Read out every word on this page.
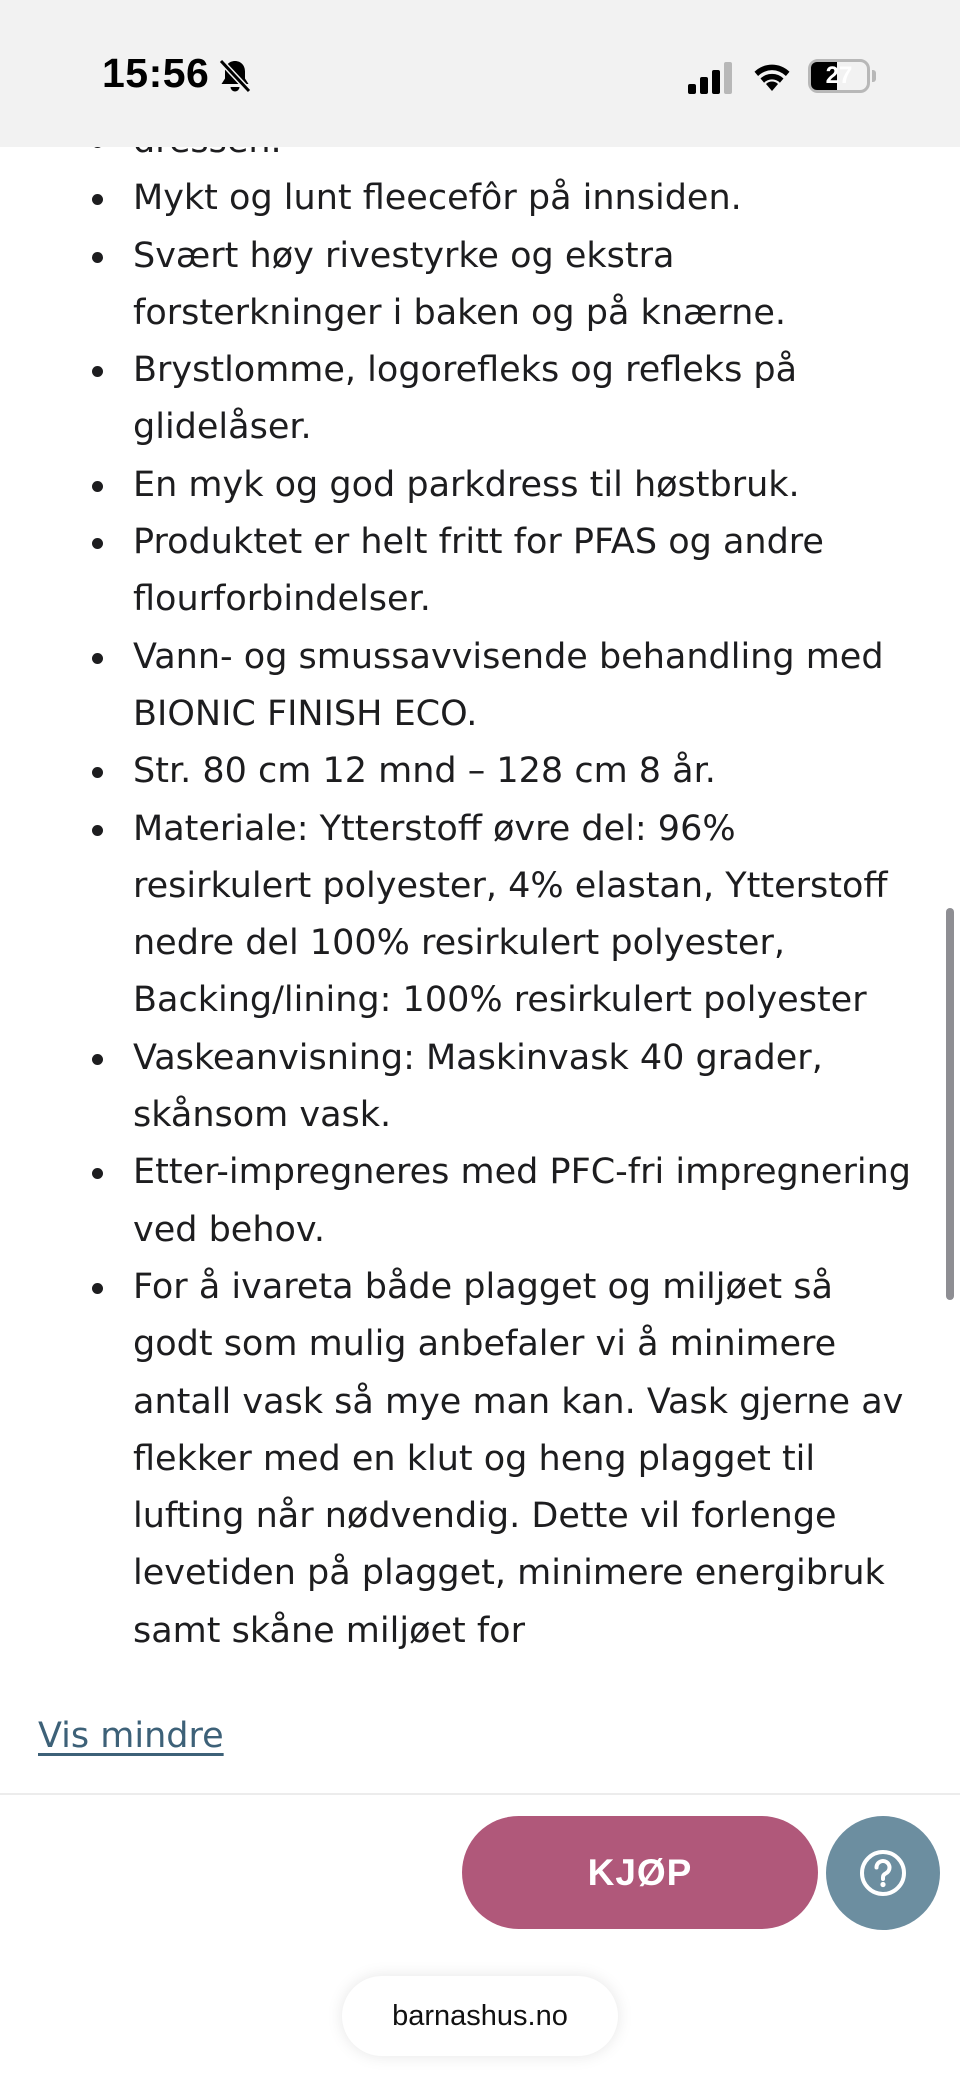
15:56	27
Mykt og lunt fleecefôr på innsiden.
Svært høy rivestyrke og ekstra forsterkninger i baken og på knærne.
Brystlomme, logorefleks og refleks på glidelåser.
En myk og god parkdress til høstbruk.
Produktet er helt fritt for PFAS og andre flourforbindelser.
Vann- og smussavvisende behandling med BIONIC FINISH ECO.
Str. 80 cm 12 mnd – 128 cm 8 år.
Materiale: Ytterstoff øvre del: 96% resirkulert polyester, 4% elastan, Ytterstoff nedre del 100% resirkulert polyester, Backing/lining: 100% resirkulert polyester
Vaskeanvisning: Maskinvask 40 grader, skånsom vask.
Etter-impregneres med PFC-fri impregnering ved behov.
For å ivareta både plagget og miljøet så godt som mulig anbefaler vi å minimere antall vask så mye man kan. Vask gjerne av flekker med en klut og heng plagget til lufting når nødvendig. Dette vil forlenge levetiden på plagget, minimere energibruk samt skåne miljøet for
Vis mindre
KJØP
barnashus.no
